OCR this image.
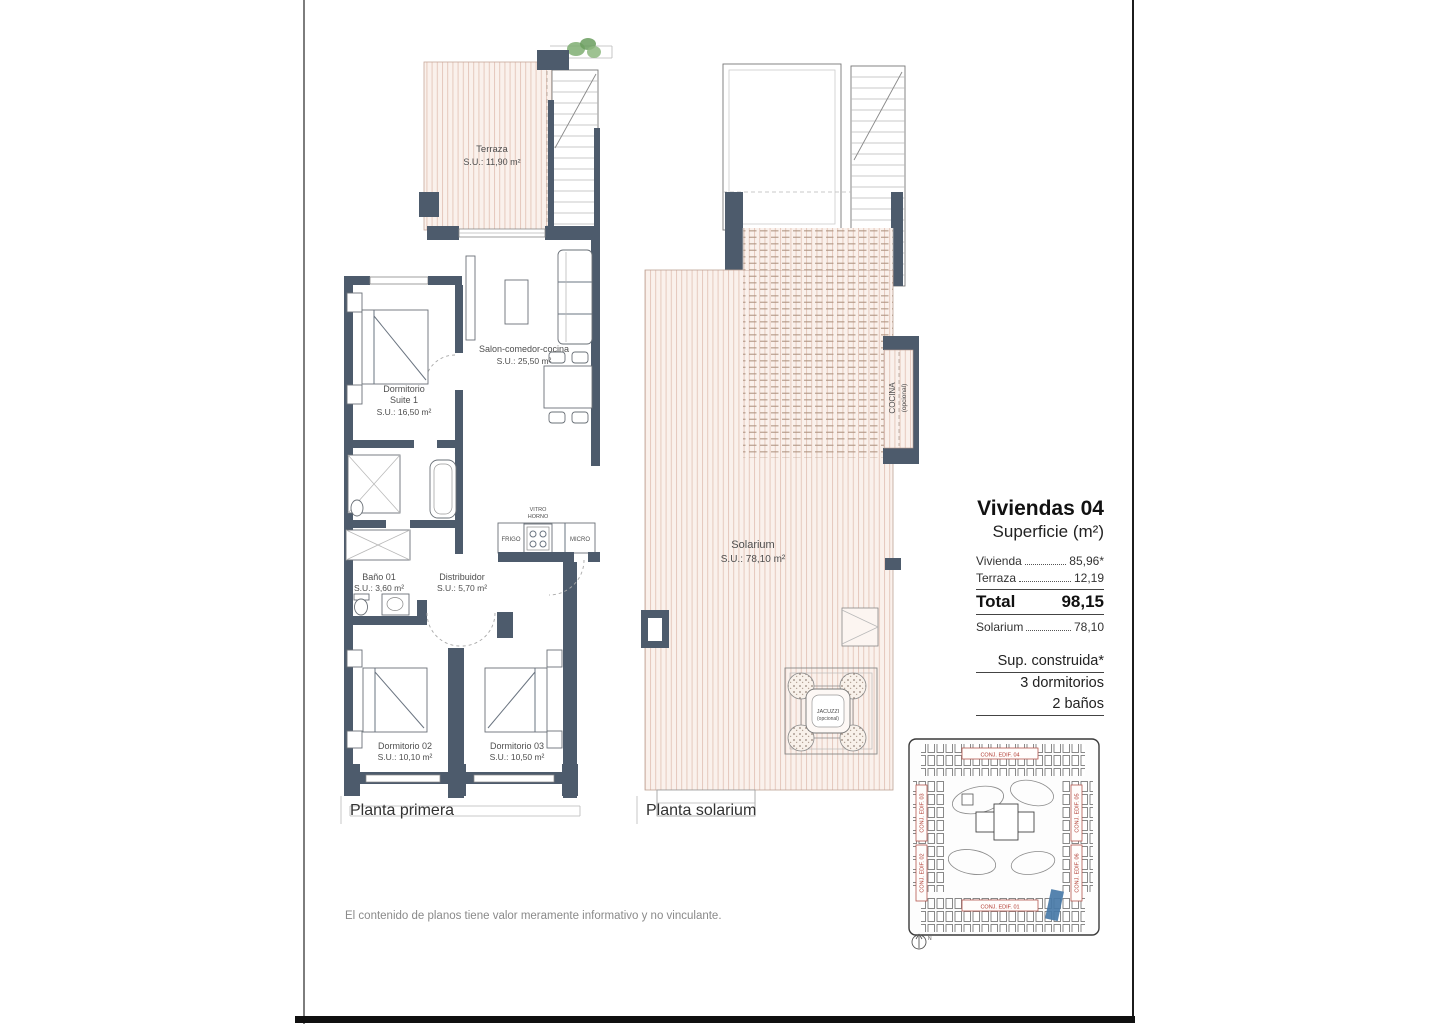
Terraza
S.U.: 11,90 m²
VITRO
HORNO
FRIGO	MICRO
Dormitorio
Suite 1
S.U.: 16,50 m²
Salon-comedor-cocina
S.U.: 25,50 m²
Baño 01
S.U.: 3,60 m²
Distribuidor
S.U.: 5,70 m²
Dormitorio 02
S.U.: 10,10 m²
Dormitorio 03
S.U.: 10,50 m²
Planta primera
Solarium
S.U.: 78,10 m²
COCINA (opcional)
JACUZZI
(opcional)
Planta solarium
CONJ. EDIF. 04
CONJ. EDIF. 01
CONJ. EDIF. 03
CONJ. EDIF. 02
CONJ. EDIF. 05
CONJ. EDIF. 06
N
Viviendas 04
Superficie (m²)
Vivienda	85,96*
Terraza	12,19
Total	98,15
Solarium	78,10
Sup. construida*
3 dormitorios
2 baños
El contenido de planos tiene valor meramente informativo y no vinculante.
